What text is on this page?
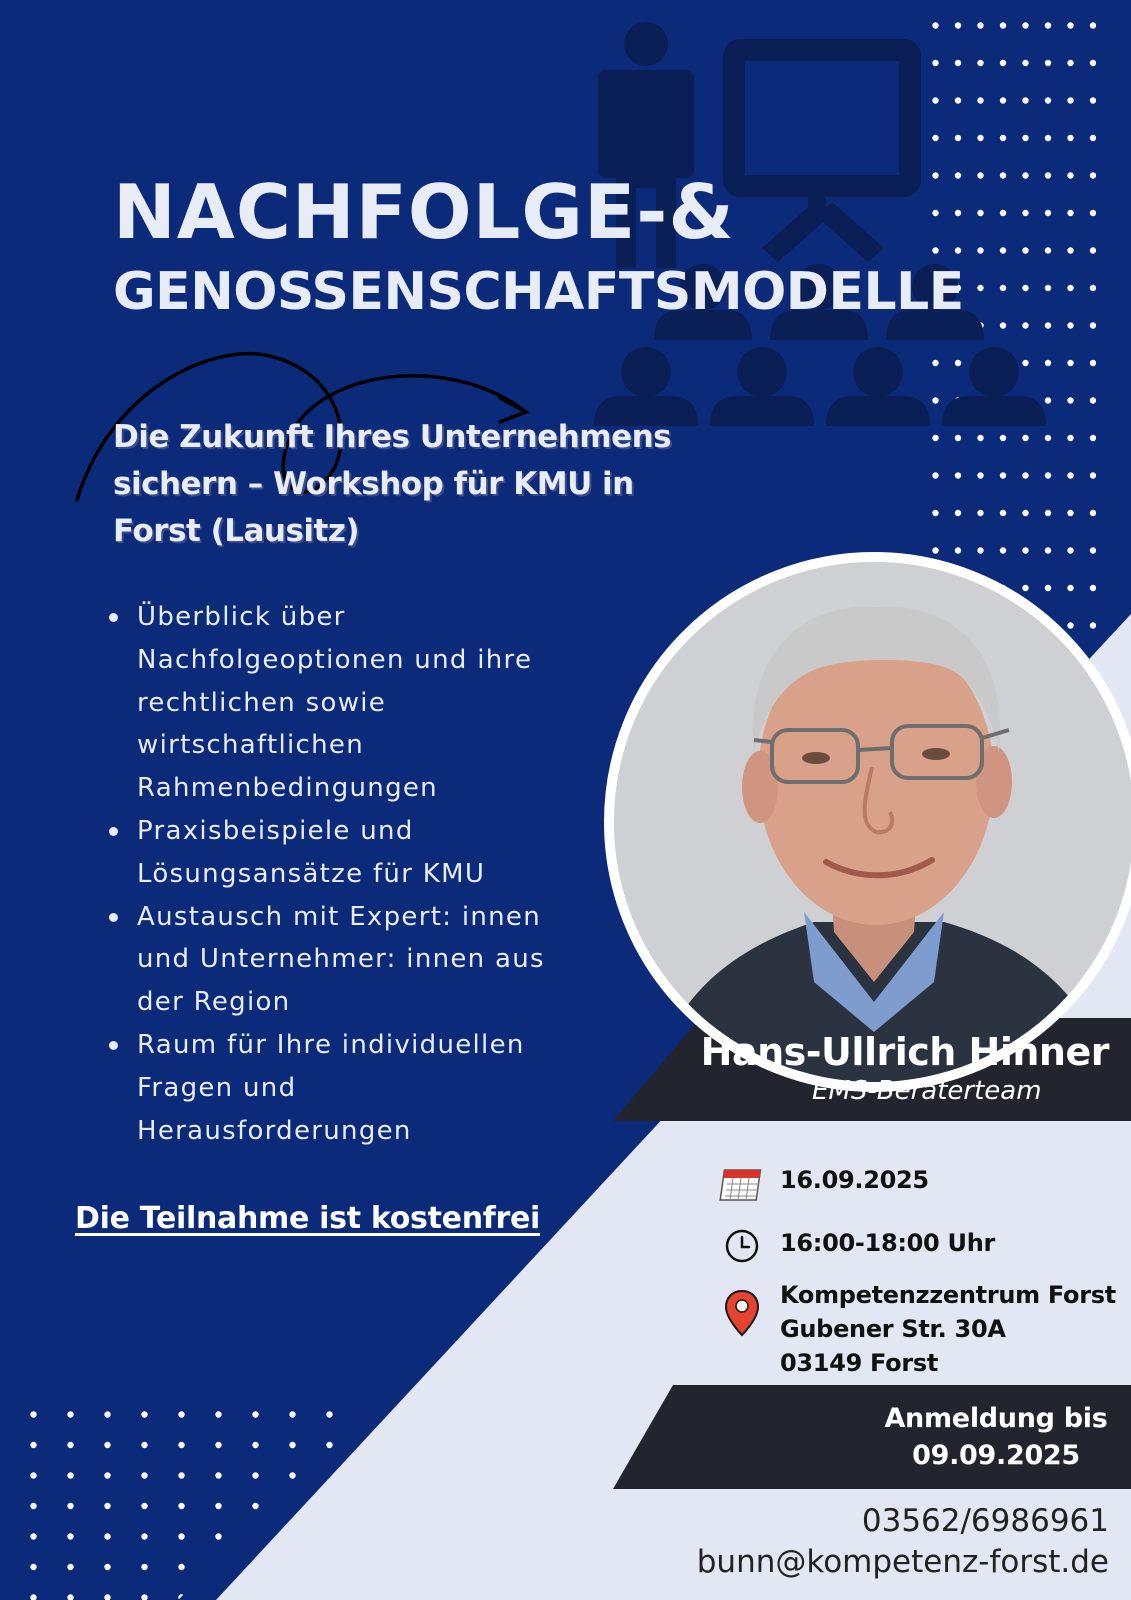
NACHFOLGE-&
GENOSSENSCHAFTSMODELLE
Die Zukunft Ihres Unternehmens
sichern – Workshop für KMU in
Forst (Lausitz)
Überblick über
Nachfolgeoptionen und ihre
rechtlichen sowie
wirtschaftlichen
Rahmenbedingungen
Praxisbeispiele und
Lösungsansätze für KMU
Austausch mit Expert: innen
und Unternehmer: innen aus
der Region
Raum für Ihre individuellen
Fragen und
Herausforderungen
Die Teilnahme ist kostenfrei
Hans-Ullrich Hinner
EMS-Beraterteam
16.09.2025
16:00-18:00 Uhr
Kompetenzzentrum Forst
Gubener Str. 30A
03149 Forst
Anmeldung bis
09.09.2025
03562/6986961
bunn@kompetenz-forst.de
